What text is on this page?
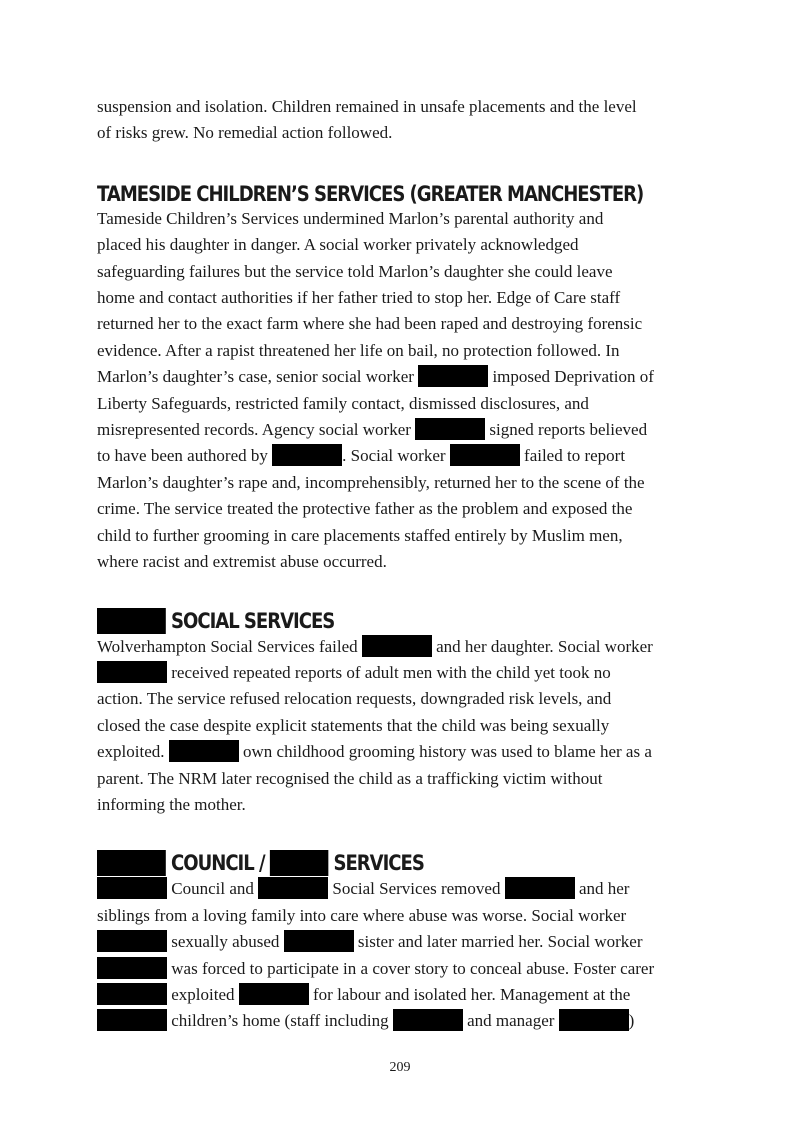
suspension and isolation. Children remained in unsafe placements and the level
of risks grew. No remedial action followed.

TAMESIDE CHILDREN’S SERVICES (GREATER MANCHESTER)

Tameside Children’s Services undermined Marlon’s parental authority and
placed his daughter in danger. A social worker privately acknowledged
safeguarding failures but the service told Marlon’s daughter she could leave
home and contact authorities if her father tried to stop her. Edge of Care staff
returned her to the exact farm where she had been raped and destroying forensic
evidence. After a rapist threatened her life on bail, no protection followed. In
Marlon’s daughter’s case, senior social worker	imposed Deprivation of
Liberty Safeguards, restricted family contact, dismissed disclosures, and
misrepresented records. Agency social worker	signed reports believed
to have been authored by	. Social worker	failed to report
Marlon’s daughter’s rape and, incomprehensibly, returned her to the scene of the
crime. The service treated the protective father as the problem and exposed the
child to further grooming in care placements staffed entirely by Muslim men,
where racist and extremist abuse occurred.

SOCIAL SERVICES

Wolverhampton Social Services failed	and her daughter. Social worker
received repeated reports of adult men with the child yet took no
action. The service refused relocation requests, downgraded risk levels, and
closed the case despite explicit statements that the child was being sexually
exploited.	own childhood grooming history was used to blame her as a
parent. The NRM later recognised the child as a trafficking victim without
informing the mother.

COUNCIL /	SERVICES

Council and	Social Services removed	and her
siblings from a loving family into care where abuse was worse. Social worker
sexually abused	sister and later married her. Social worker
was forced to participate in a cover story to conceal abuse. Foster carer
exploited	for labour and isolated her. Management at the
children’s home (staff including	and manager	)

209
